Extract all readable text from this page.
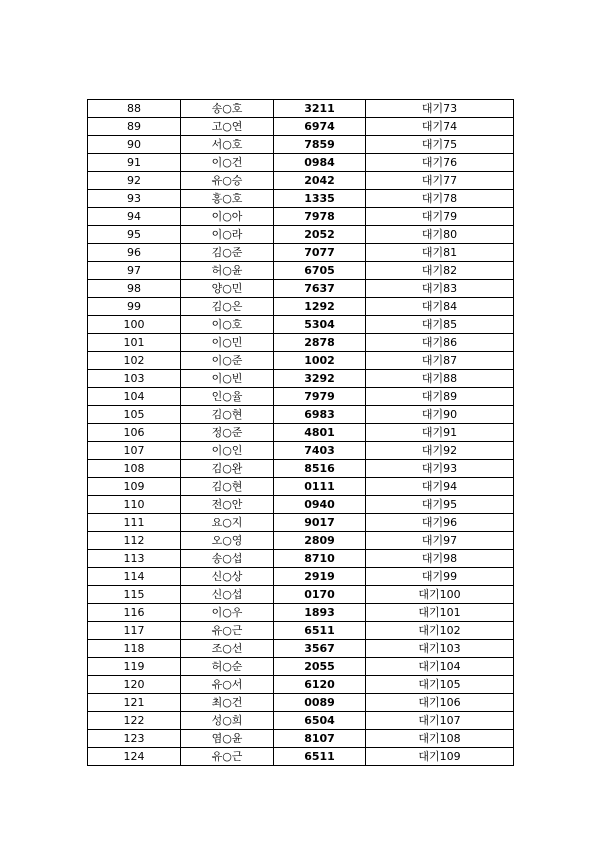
88	송○호	3211	대기73
89	고○연	6974	대기74
90	서○호	7859	대기75
91	이○건	0984	대기76
92	유○승	2042	대기77
93	홍○호	1335	대기78
94	이○아	7978	대기79
95	이○라	2052	대기80
96	김○준	7077	대기81
97	허○윤	6705	대기82
98	양○민	7637	대기83
99	김○은	1292	대기84
100	이○호	5304	대기85
101	이○민	2878	대기86
102	이○준	1002	대기87
103	이○빈	3292	대기88
104	인○율	7979	대기89
105	김○현	6983	대기90
106	정○준	4801	대기91
107	이○인	7403	대기92
108	김○완	8516	대기93
109	김○현	0111	대기94
110	전○안	0940	대기95
111	요○지	9017	대기96
112	오○영	2809	대기97
113	송○섭	8710	대기98
114	신○상	2919	대기99
115	신○섭	0170	대기100
116	이○우	1893	대기101
117	유○근	6511	대기102
118	조○선	3567	대기103
119	허○순	2055	대기104
120	유○서	6120	대기105
121	최○건	0089	대기106
122	성○희	6504	대기107
123	염○윤	8107	대기108
124	유○근	6511	대기109
